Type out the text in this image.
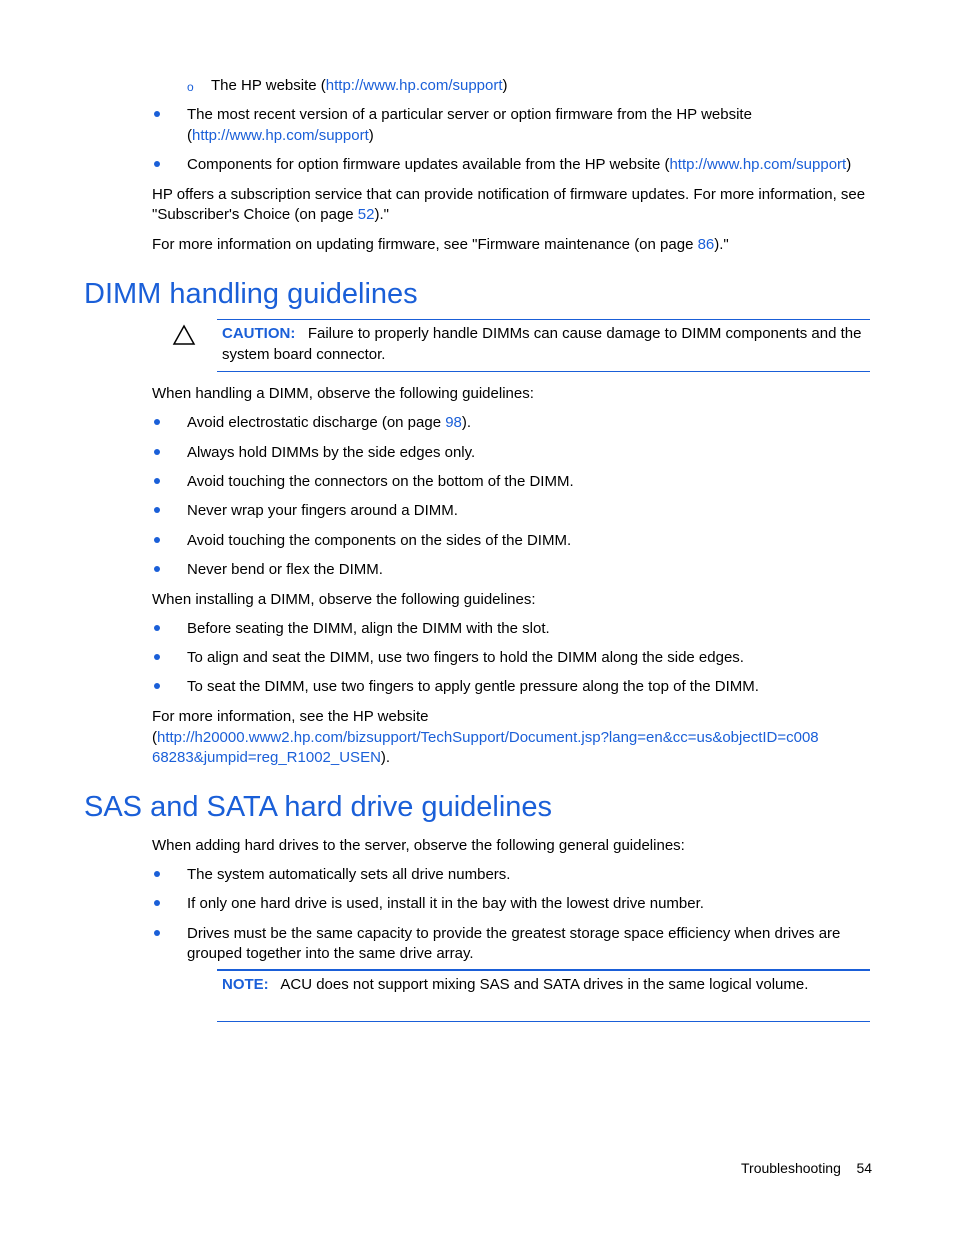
o The HP website (http://www.hp.com/support)
The most recent version of a particular server or option firmware from the HP website
(http://www.hp.com/support)
Components for option firmware updates available from the HP website (http://www.hp.com/support)
HP offers a subscription service that can provide notification of firmware updates. For more information, see
"Subscriber's Choice (on page 52)."
For more information on updating firmware, see "Firmware maintenance (on page 86)."
DIMM handling guidelines
CAUTION: Failure to properly handle DIMMs can cause damage to DIMM components and the
system board connector.
When handling a DIMM, observe the following guidelines:
Avoid electrostatic discharge (on page 98).
Always hold DIMMs by the side edges only.
Avoid touching the connectors on the bottom of the DIMM.
Never wrap your fingers around a DIMM.
Avoid touching the components on the sides of the DIMM.
Never bend or flex the DIMM.
When installing a DIMM, observe the following guidelines:
Before seating the DIMM, align the DIMM with the slot.
To align and seat the DIMM, use two fingers to hold the DIMM along the side edges.
To seat the DIMM, use two fingers to apply gentle pressure along the top of the DIMM.
For more information, see the HP website
(http://h20000.www2.hp.com/bizsupport/TechSupport/Document.jsp?lang=en&cc=us&objectID=c008
68283&jumpid=reg_R1002_USEN).
SAS and SATA hard drive guidelines
When adding hard drives to the server, observe the following general guidelines:
The system automatically sets all drive numbers.
If only one hard drive is used, install it in the bay with the lowest drive number.
Drives must be the same capacity to provide the greatest storage space efficiency when drives are
grouped together into the same drive array.
NOTE: ACU does not support mixing SAS and SATA drives in the same logical volume.
Troubleshooting 54
